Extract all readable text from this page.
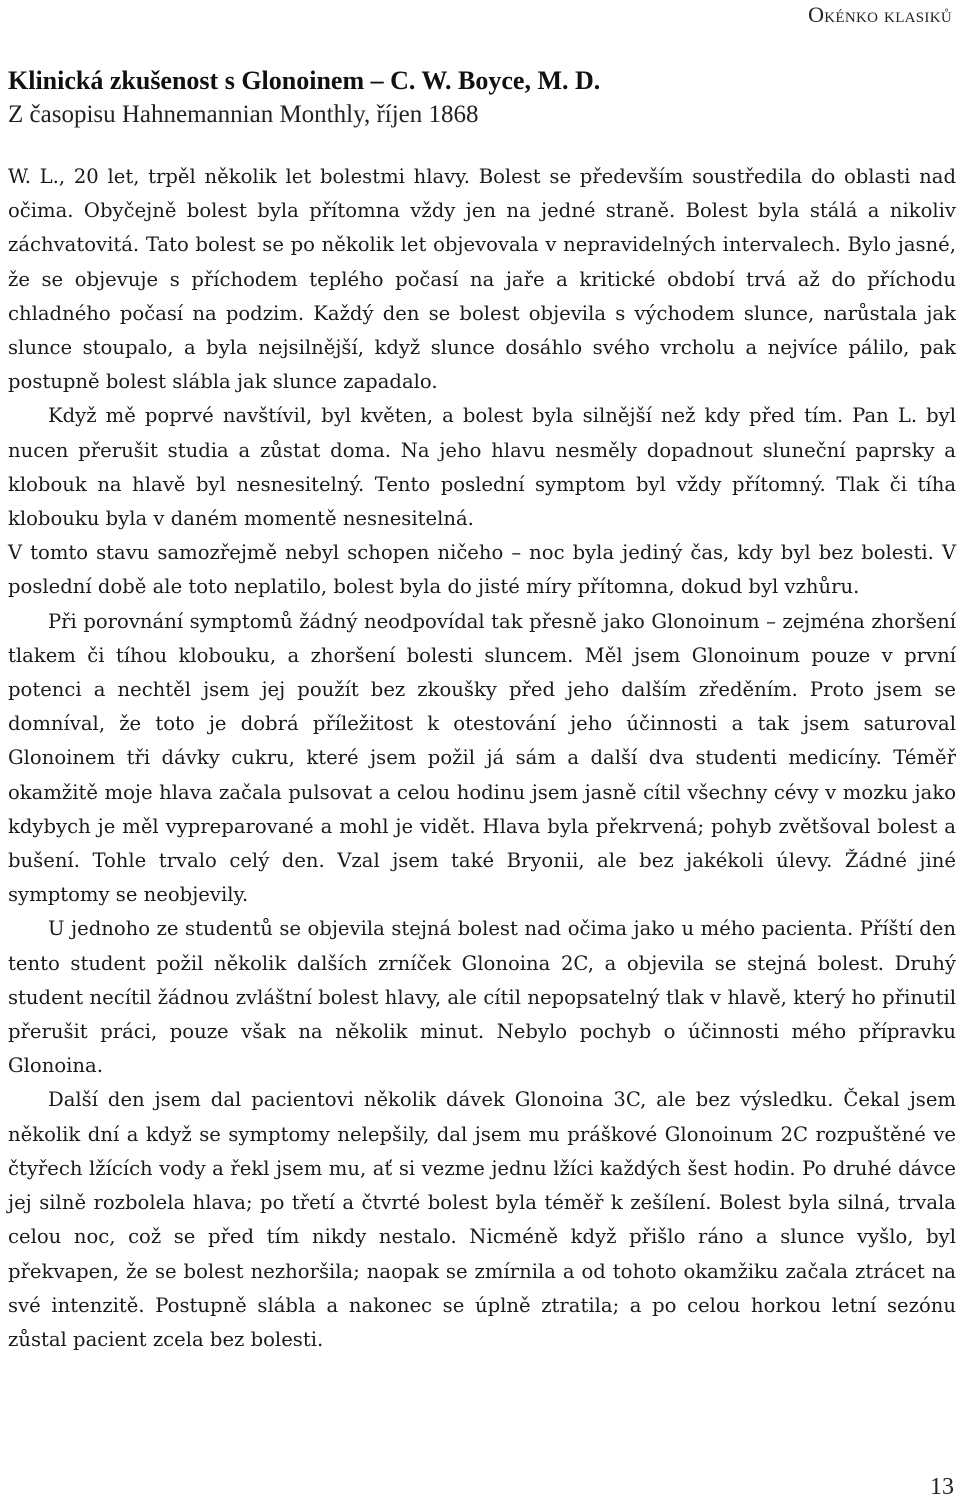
Okénko klasiků
Klinická zkušenost s Glonoinem – C. W. Boyce, M. D.

Z časopisu Hahnemannian Monthly, říjen 1868

W. L., 20 let, trpěl několik let bolestmi hlavy. Bolest se především soustředila do oblasti nad očima. Obyčejně bolest byla přítomna vždy jen na jedné straně. Bolest byla stálá a nikoliv záchvatovitá. Tato bolest se po několik let objevovala v nepravidelných intervalech. Bylo jasné, že se objevuje s příchodem teplého počasí na jaře a kritické období trvá až do příchodu chladného počasí na podzim. Každý den se bolest objevila s východem slunce, narůstala jak slunce stoupalo, a byla nejsilnější, když slunce dosáhlo svého vrcholu a nejvíce pálilo, pak postupně bolest slábla jak slunce zapadalo.

Když mě poprvé navštívil, byl květen, a bolest byla silnější než kdy před tím. Pan L. byl nucen přerušit studia a zůstat doma. Na jeho hlavu nesměly dopadnout sluneční paprsky a klobouk na hlavě byl nesnesitelný. Tento poslední symptom byl vždy přítomný. Tlak či tíha klobouku byla v daném momentě nesnesitelná.

V tomto stavu samozřejmě nebyl schopen ničeho – noc byla jediný čas, kdy byl bez bolesti. V poslední době ale toto neplatilo, bolest byla do jisté míry přítomna, dokud byl vzhůru.

Při porovnání symptomů žádný neodpovídal tak přesně jako Glonoinum – zejména zhoršení tlakem či tíhou klobouku, a zhoršení bolesti sluncem. Měl jsem Glonoinum pouze v první potenci a nechtěl jsem jej použít bez zkoušky před jeho dalším zředěním. Proto jsem se domníval, že toto je dobrá příležitost k otestování jeho účinnosti a tak jsem saturoval Glonoinem tři dávky cukru, které jsem požil já sám a další dva studenti medicíny. Téměř okamžitě moje hlava začala pulsovat a celou hodinu jsem jasně cítil všechny cévy v mozku jako kdybych je měl vypreparované a mohl je vidět. Hlava byla překrvená; pohyb zvětšoval bolest a bušení. Tohle trvalo celý den. Vzal jsem také Bryonii, ale bez jakékoli úlevy. Žádné jiné symptomy se neobjevily.

U jednoho ze studentů se objevila stejná bolest nad očima jako u mého pacienta. Příští den tento student požil několik dalších zrníček Glonoina 2C, a objevila se stejná bolest. Druhý student necítil žádnou zvláštní bolest hlavy, ale cítil nepopsatelný tlak v hlavě, který ho přinutil přerušit práci, pouze však na několik minut. Nebylo pochyb o účinnosti mého přípravku Glonoina.

Další den jsem dal pacientovi několik dávek Glonoina 3C, ale bez výsledku. Čekal jsem několik dní a když se symptomy nelepšily, dal jsem mu práškové Glonoinum 2C rozpuštěné ve čtyřech lžících vody a řekl jsem mu, ať si vezme jednu lžíci každých šest hodin. Po druhé dávce jej silně rozbolela hlava; po třetí a čtvrté bolest byla téměř k zešílení. Bolest byla silná, trvala celou noc, což se před tím nikdy nestalo. Nicméně když přišlo ráno a slunce vyšlo, byl překvapen, že se bolest nezhoršila; naopak se zmírnila a od tohoto okamžiku začala ztrácet na své intenzitě. Postupně slábla a nakonec se úplně ztratila; a po celou horkou letní sezónu zůstal pacient zcela bez bolesti.

13
